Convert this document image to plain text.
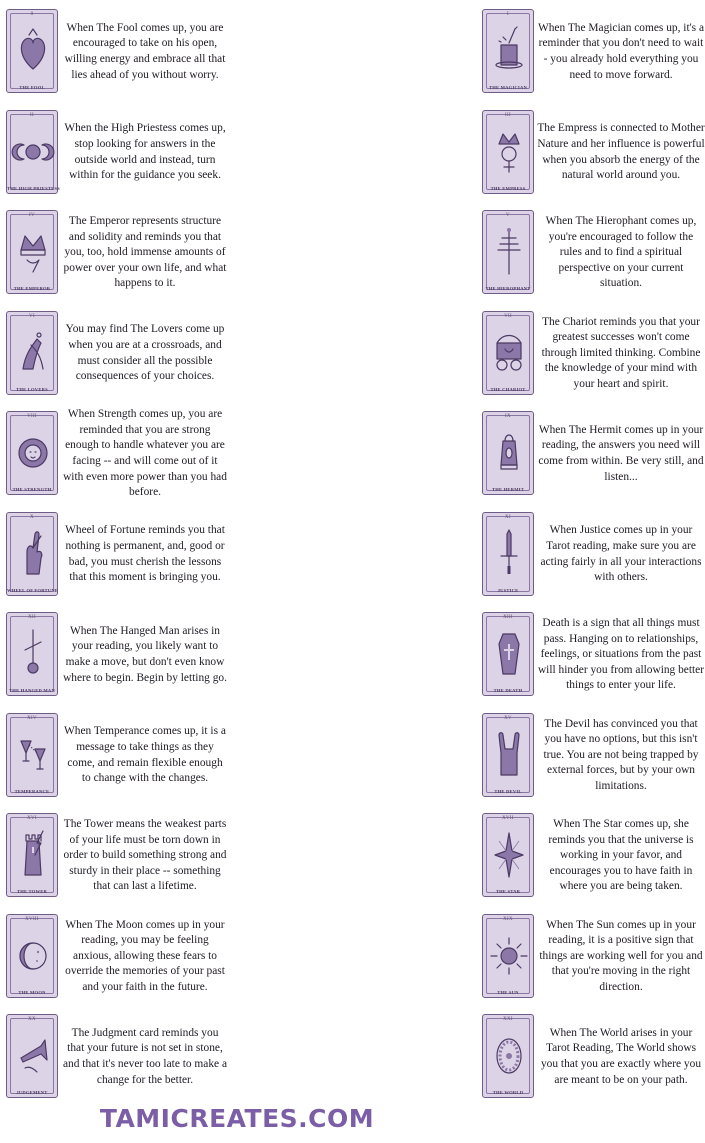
0
THE FOOL
When The Fool comes up, you are encouraged to take on his open, willing energy and embrace all that lies ahead of you without worry.
I
THE MAGICIAN
When The Magician comes up, it's a reminder that you don't need to wait - you already hold everything you need to move forward.
II
THE HIGH PRIESTESS
When the High Priestess comes up, stop looking for answers in the outside world and instead, turn within for the guidance you seek.
III
THE EMPRESS
The Empress is connected to Mother Nature and her influence is powerful when you absorb the energy of the natural world around you.
IV
THE EMPEROR
The Emperor represents structure and solidity and reminds you that you, too, hold immense amounts of power over your own life, and what happens to it.
V
THE HIEROPHANT
When The Hierophant comes up, you're encouraged to follow the rules and to find a spiritual perspective on your current situation.
VI
THE LOVERS
You may find The Lovers come up when you are at a crossroads, and must consider all the possible consequences of your choices.
VII
THE CHARIOT
The Chariot reminds you that your greatest successes won't come through limited thinking. Combine the knowledge of your mind with your heart and spirit.
VIII
THE STRENGTH
When Strength comes up, you are reminded that you are strong enough to handle whatever you are facing -- and will come out of it with even more power than you had before.
IX
THE HERMIT
When The Hermit comes up in your reading, the answers you need will come from within. Be very still, and listen...
X
WHEEL OF FORTUNE
Wheel of Fortune reminds you that nothing is permanent, and, good or bad, you must cherish the lessons that this moment is bringing you.
XI
JUSTICE
When Justice comes up in your Tarot reading, make sure you are acting fairly in all your interactions with others.
XII
THE HANGED MAN
When The Hanged Man arises in your reading, you likely want to make a move, but don't even know where to begin. Begin by letting go.
XIII
THE DEATH
Death is a sign that all things must pass. Hanging on to relationships, feelings, or situations from the past will hinder you from allowing better things to enter your life.
XIV
TEMPERANCE
When Temperance comes up, it is a message to take things as they come, and remain flexible enough to change with the changes.
XV
THE DEVIL
The Devil has convinced you that you have no options, but this isn't true. You are not being trapped by external forces, but by your own limitations.
XVI
THE TOWER
The Tower means the weakest parts of your life must be torn down in order to build something strong and sturdy in their place -- something that can last a lifetime.
XVII
THE STAR
When The Star comes up, she reminds you that the universe is working in your favor, and encourages you to have faith in where you are being taken.
XVIII
THE MOON
When The Moon comes up in your reading, you may be feeling anxious, allowing these fears to override the memories of your past and your faith in the future.
XIX
THE SUN
When The Sun comes up in your reading, it is a positive sign that things are working well for you and that you're moving in the right direction.
XX
JUDGEMENT
The Judgment card reminds you that your future is not set in stone, and that it's never too late to make a change for the better.
XXI
THE WORLD
When The World arises in your Tarot Reading, The World shows you that you are exactly where you are meant to be on your path.
TAMICREATES.COM
